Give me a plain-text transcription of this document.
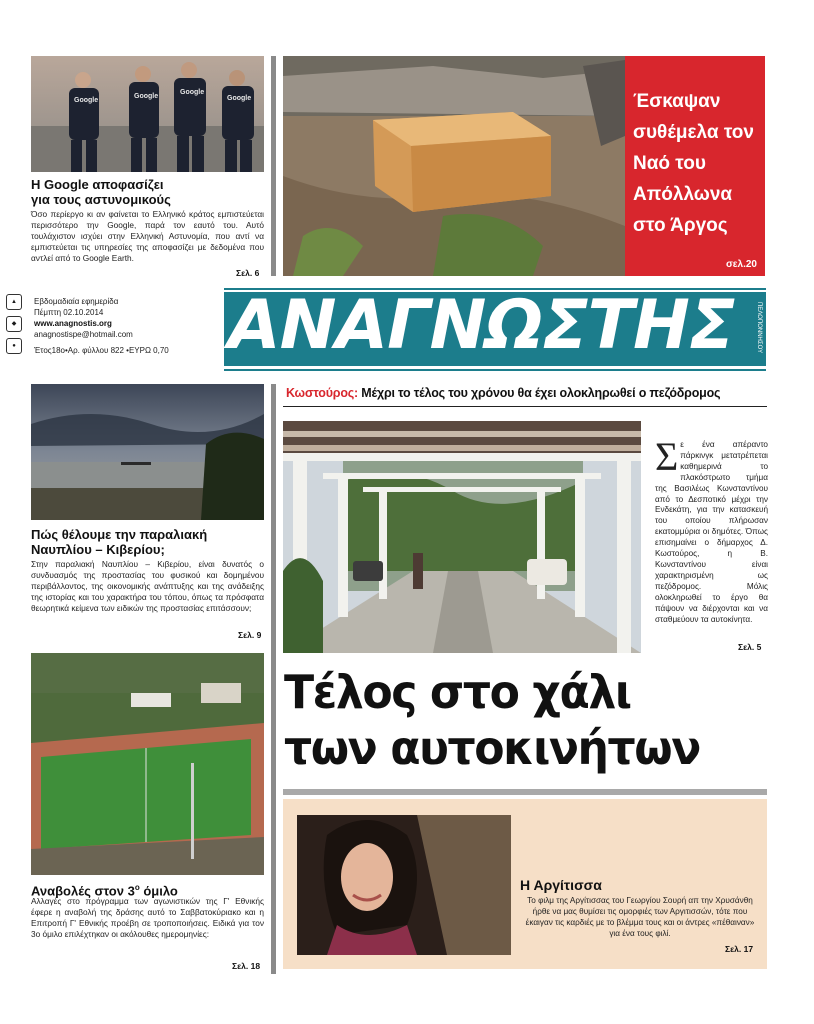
Google
Google
Google
Google
Η Google αποφασίζει
για τους αστυνομικούς
Όσο περίεργο κι αν φαίνεται το Ελληνικό κράτος εμπιστεύεται περισσότερο την Google, παρά τον εαυτό του. Αυτό τουλάχιστον ισχύει στην Ελληνική Αστυνομία, που αντί να εμπιστεύεται τις υπηρεσίες της αποφασίζει με δεδομένα που αντλεί από το Google Earth.
Σελ. 6
Έσκαψαν συθέμελα τον Ναό του Απόλλωνα στο Άργος
σελ.20
▲
◆
●
Εβδομαδιαία εφημερίδα
Πέμπτη 02.10.2014
www.anagnostis.org
anagnostispe@hotmail.com
Έτος18ο•Αρ. φύλλου 822 •ΕΥΡΩ 0,70 ΑΝΑΓΝΩΣΤΗΣ	ΠΕΛΟΠΟΝΝΗΣΟΥ
Πώς θέλουμε την παραλιακή
Ναυπλίου – Κιβερίου;
Στην παραλιακή Ναυπλίου – Κιβερίου, είναι δυνατός ο συνδυασμός της προστασίας του φυσικού και δομημένου περιβάλλοντος, της οικονομικής ανάπτυξης και της ανάδειξης της ιστορίας και του χαρακτήρα του τόπου, όπως τα πρόσφατα θεωρητικά κείμενα των ειδικών της προστασίας επιτάσσουν;
Σελ. 9
Αναβολές στον $3^o$ όμιλο
Αλλαγές στο πρόγραμμα των αγωνιστικών της Γ' Εθνικής έφερε η αναβολή της δράσης αυτό το Σαββατοκύριακο και η Επιτροπή Γ' Εθνικής προέβη σε τροποποιήσεις. Ειδικά για τον 3ο όμιλο επιλέχτηκαν οι ακόλουθες ημερομηνίες:
Σελ. 18
Κωστούρος: Μέχρι το τέλος του χρόνου θα έχει ολοκληρωθεί ο πεζόδρομος
Σε ένα απέραντο πάρκινγκ μετατρέπεται καθημερινά το πλακόστρωτο τμήμα της Βασιλέως Κωνσταντίνου από το Δεσποτικό μέχρι την Ενδεκάτη, για την κατασκευή του οποίου πλήρωσαν εκατομμύρια οι δημότες. Όπως επισημαίνει ο δήμαρχος Δ. Κωστούρος, η Β. Κωνσταντίνου είναι χαρακτηρισμένη ως πεζόδρομος. Μόλις ολοκληρωθεί το έργο θα πάψουν να διέρχονται και να σταθμεύουν τα αυτοκίνητα.
Σελ. 5
Τέλος στο χάλι
των αυτοκινήτων
Η Αργίτισσα
Το φιλμ της Αργίτισσας του Γεωργίου Σουρή απ την Χρυσάνθη ήρθε να μας θυμίσει τις ομορφιές των Αργιτισσών, τότε που έκαιγαν τις καρδιές με το βλέμμα τους και οι άντρες «πέθαιναν» για ένα τους φιλί.
Σελ. 17
